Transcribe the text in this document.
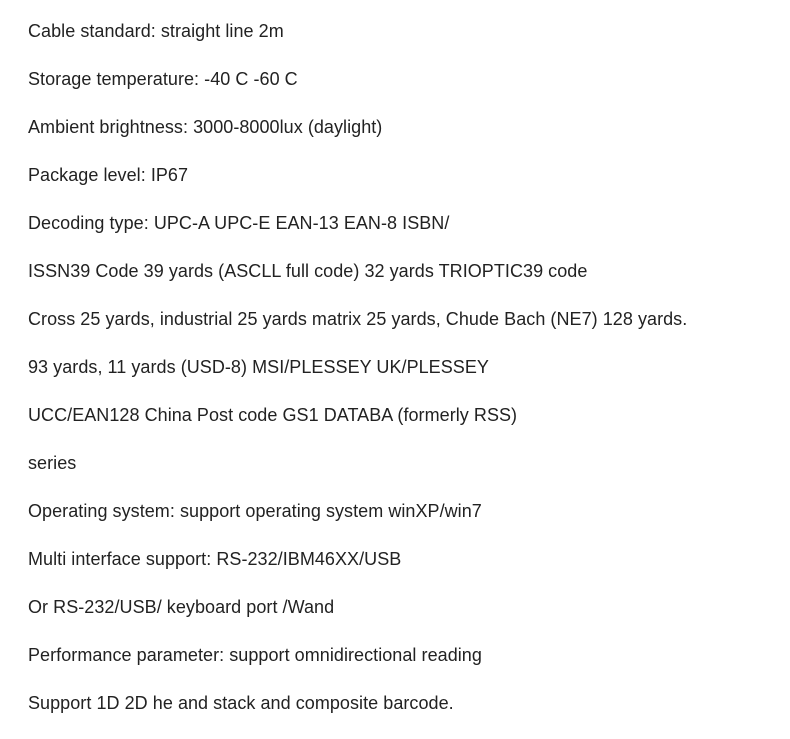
Cable standard: straight line 2m
Storage temperature: -40 C -60 C
Ambient brightness: 3000-8000lux (daylight)
Package level: IP67
Decoding type: UPC-A UPC-E EAN-13 EAN-8 ISBN/
ISSN39 Code 39 yards (ASCLL full code) 32 yards TRIOPTIC39 code
Cross 25 yards, industrial 25 yards matrix 25 yards, Chude Bach (NE7) 128 yards.
93 yards, 11 yards (USD-8) MSI/PLESSEY UK/PLESSEY
UCC/EAN128 China Post code GS1 DATABA (formerly RSS)
series
Operating system: support operating system winXP/win7
Multi interface support: RS-232/IBM46XX/USB
Or RS-232/USB/ keyboard port /Wand
Performance parameter: support omnidirectional reading
Support 1D 2D he and stack and composite barcode.
